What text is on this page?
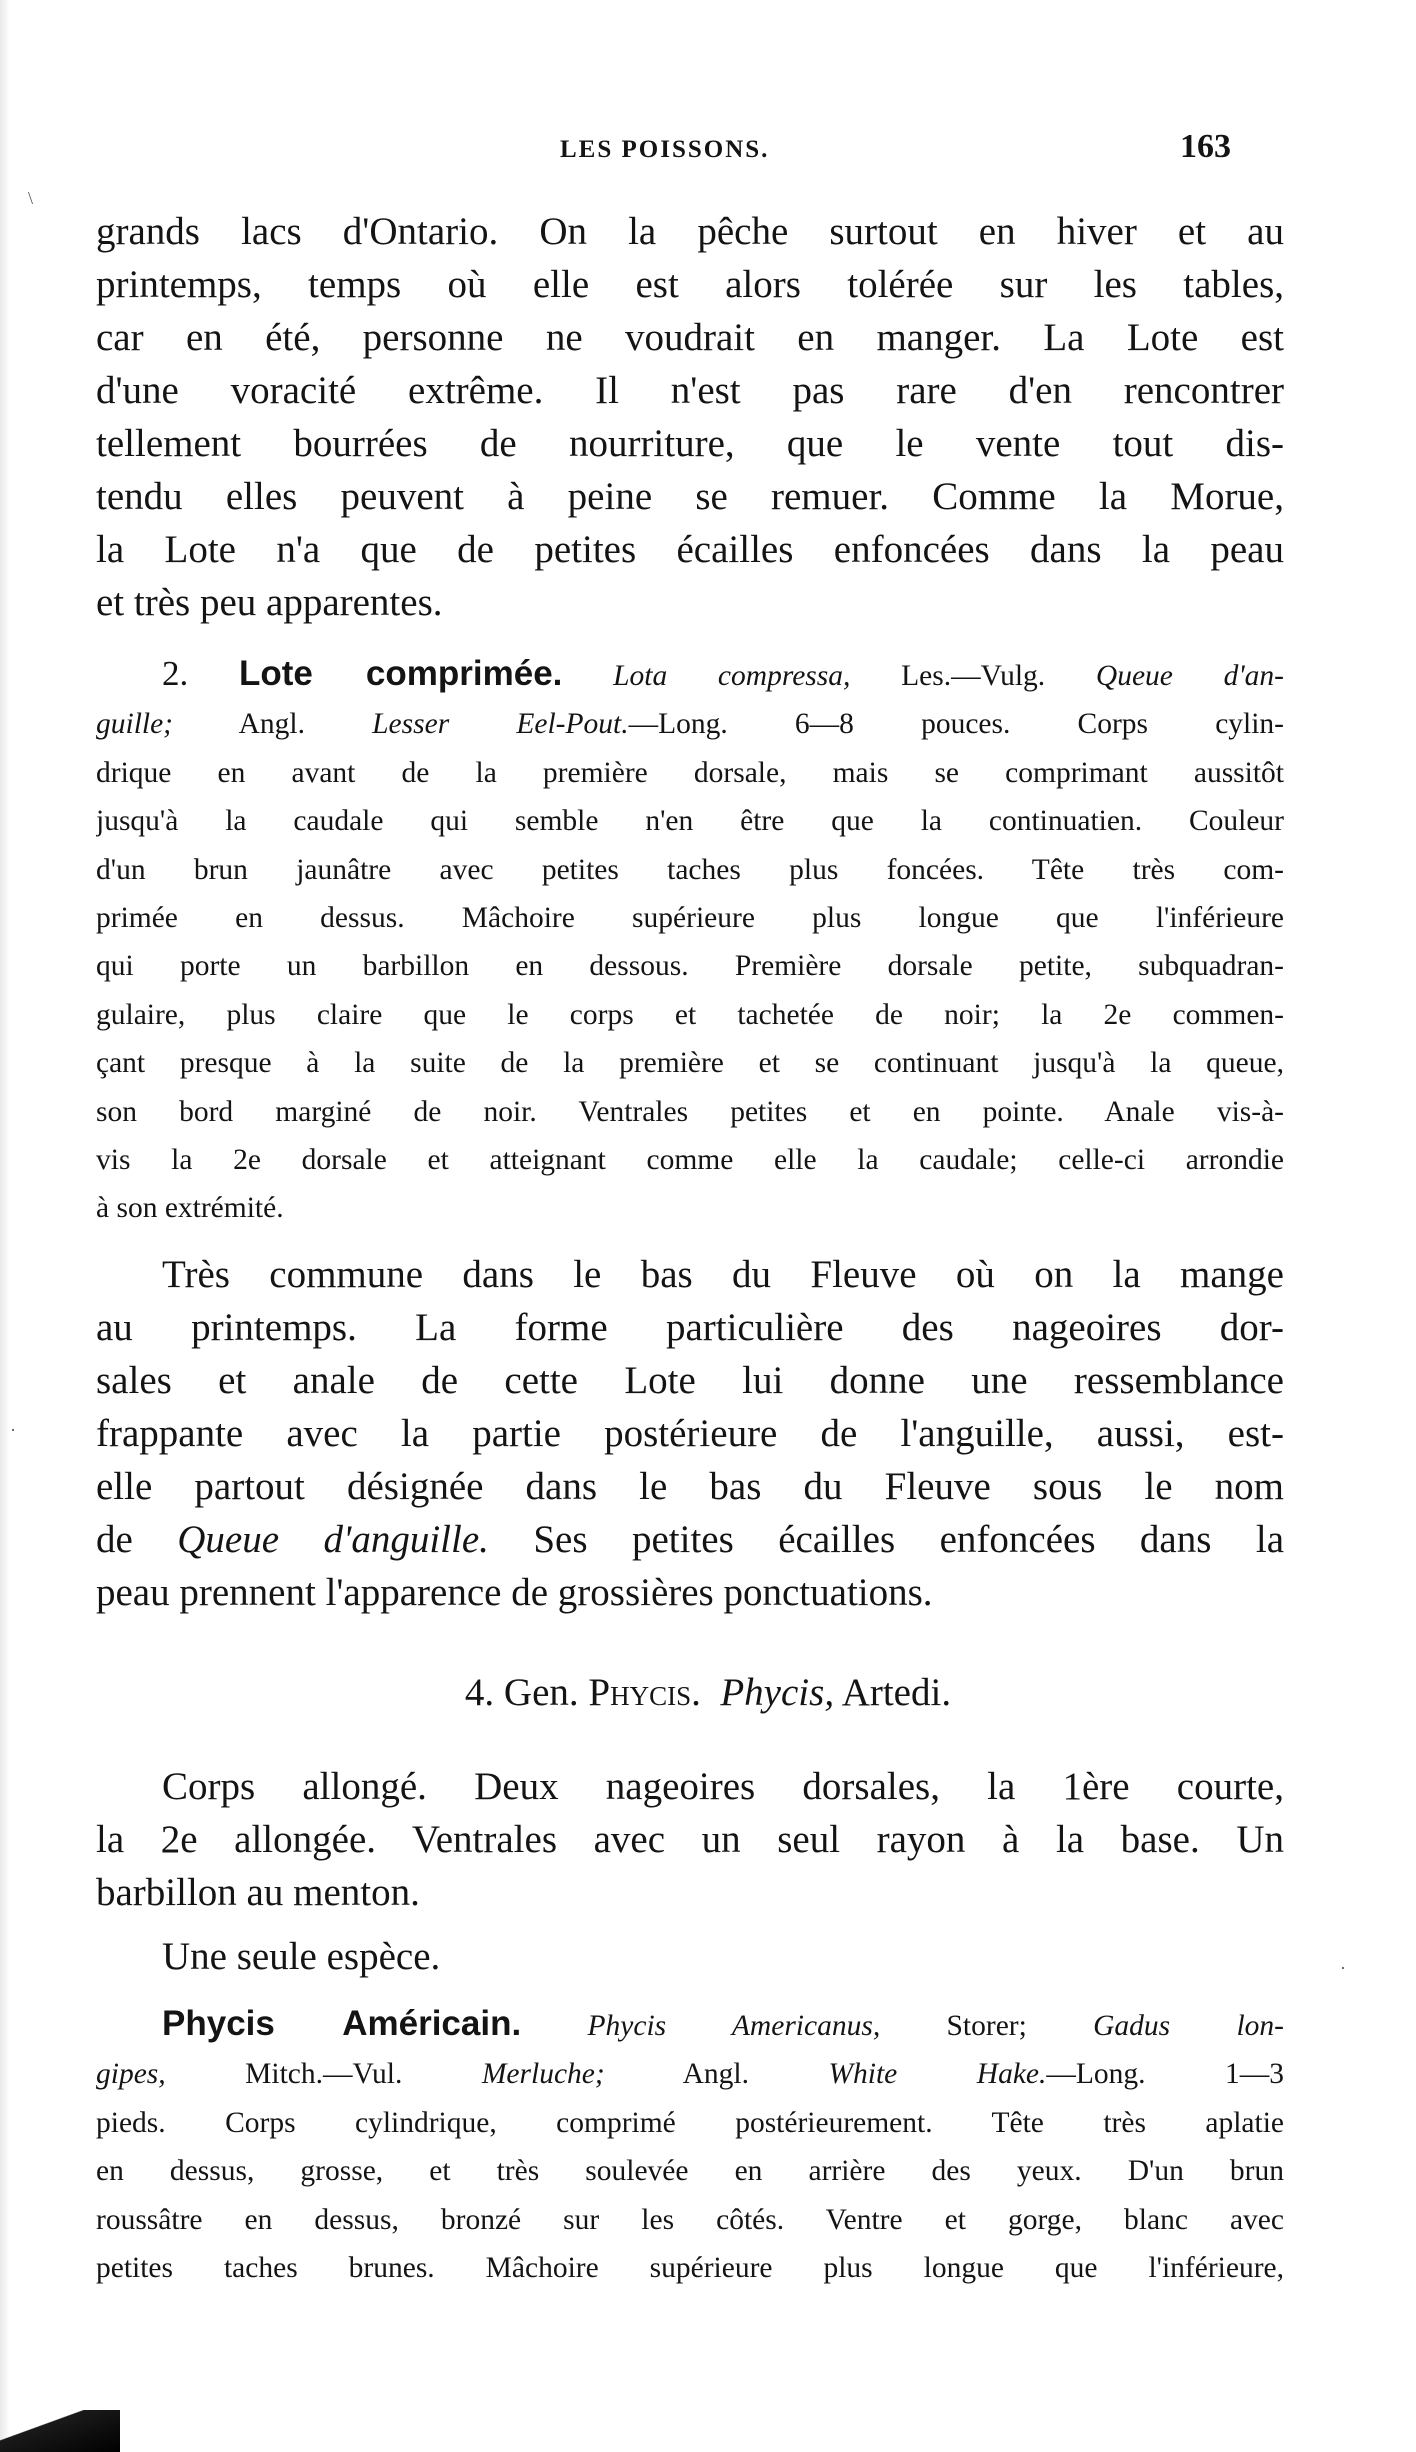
\
·
·
LES POISSONS.	163
grands lacs d'Ontario. On la pêche surtout en hiver et au
printemps, temps où elle est alors tolérée sur les tables,
car en été, personne ne voudrait en manger. La Lote est
d'une voracité extrême. Il n'est pas rare d'en rencontrer
tellement bourrées de nourriture, que le vente tout dis-
tendu elles peuvent à peine se remuer. Comme la Morue,
la Lote n'a que de petites écailles enfoncées dans la peau
et très peu apparentes.
2. Lote comprimée. Lota compressa, Les.—Vulg. Queue d'an-
guille; Angl. Lesser Eel-Pout.—Long. 6—8 pouces. Corps cylin-
drique en avant de la première dorsale, mais se comprimant aussitôt
jusqu'à la caudale qui semble n'en être que la continuatien. Couleur
d'un brun jaunâtre avec petites taches plus foncées. Tête très com-
primée en dessus. Mâchoire supérieure plus longue que l'inférieure
qui porte un barbillon en dessous. Première dorsale petite, subquadran-
gulaire, plus claire que le corps et tachetée de noir; la 2e commen-
çant presque à la suite de la première et se continuant jusqu'à la queue,
son bord marginé de noir. Ventrales petites et en pointe. Anale vis-à-
vis la 2e dorsale et atteignant comme elle la caudale; celle-ci arrondie
à son extrémité.
Très commune dans le bas du Fleuve où on la mange
au printemps. La forme particulière des nageoires dor-
sales et anale de cette Lote lui donne une ressemblance
frappante avec la partie postérieure de l'anguille, aussi, est-
elle partout désignée dans le bas du Fleuve sous le nom
de Queue d'anguille. Ses petites écailles enfoncées dans la
peau prennent l'apparence de grossières ponctuations.
4. Gen. Phycis. Phycis, Artedi.
Corps allongé. Deux nageoires dorsales, la 1ère courte,
la 2e allongée. Ventrales avec un seul rayon à la base. Un
barbillon au menton.
Une seule espèce.
Phycis Américain. Phycis Americanus, Storer; Gadus lon-
gipes,	Mitch.—Vul.	Merluche;	Angl.	White Hake.—Long. 1—3
pieds. Corps cylindrique, comprimé postérieurement. Tête très aplatie
en dessus, grosse, et très soulevée en arrière des yeux. D'un brun
roussâtre en dessus, bronzé sur les côtés. Ventre et gorge, blanc avec
petites taches brunes. Mâchoire supérieure plus longue que l'inférieure,
